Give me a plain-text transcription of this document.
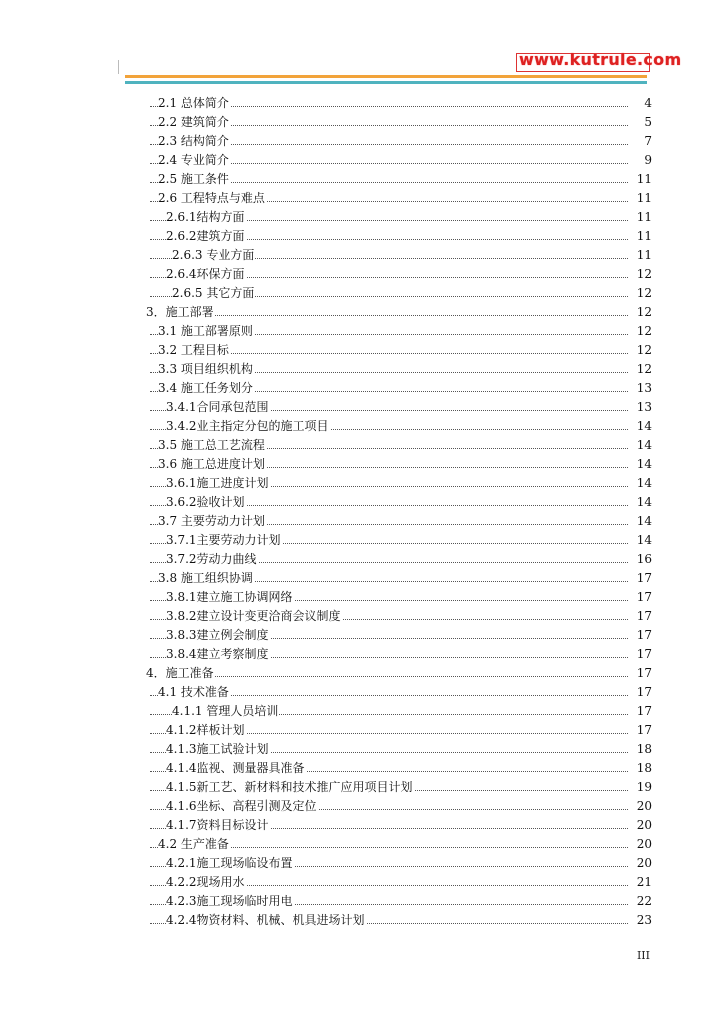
www.kutrule.com
2.1 总体简介	4
2.2 建筑简介	5
2.3 结构简介	7
2.4 专业简介	9
2.5 施工条件	11
2.6 工程特点与难点	11
2.6.1结构方面	11
2.6.2建筑方面	11
2.6.3 专业方面	11
2.6.4环保方面	12
2.6.5 其它方面	12
3．施工部署	12
3.1 施工部署原则	12
3.2 工程目标	12
3.3 项目组织机构	12
3.4 施工任务划分	13
3.4.1合同承包范围	13
3.4.2业主指定分包的施工项目	14
3.5 施工总工艺流程	14
3.6 施工总进度计划	14
3.6.1施工进度计划	14
3.6.2验收计划	14
3.7 主要劳动力计划	14
3.7.1主要劳动力计划	14
3.7.2劳动力曲线	16
3.8 施工组织协调	17
3.8.1建立施工协调网络	17
3.8.2建立设计变更洽商会议制度	17
3.8.3建立例会制度	17
3.8.4建立考察制度	17
4．施工准备	17
4.1 技术准备	17
4.1.1 管理人员培训	17
4.1.2样板计划	17
4.1.3施工试验计划	18
4.1.4监视、测量器具准备	18
4.1.5新工艺、新材料和技术推广应用项目计划	19
4.1.6坐标、高程引测及定位	20
4.1.7资料目标设计	20
4.2 生产准备	20
4.2.1施工现场临设布置	20
4.2.2现场用水	21
4.2.3施工现场临时用电	22
4.2.4物资材料、机械、机具进场计划	23
III
